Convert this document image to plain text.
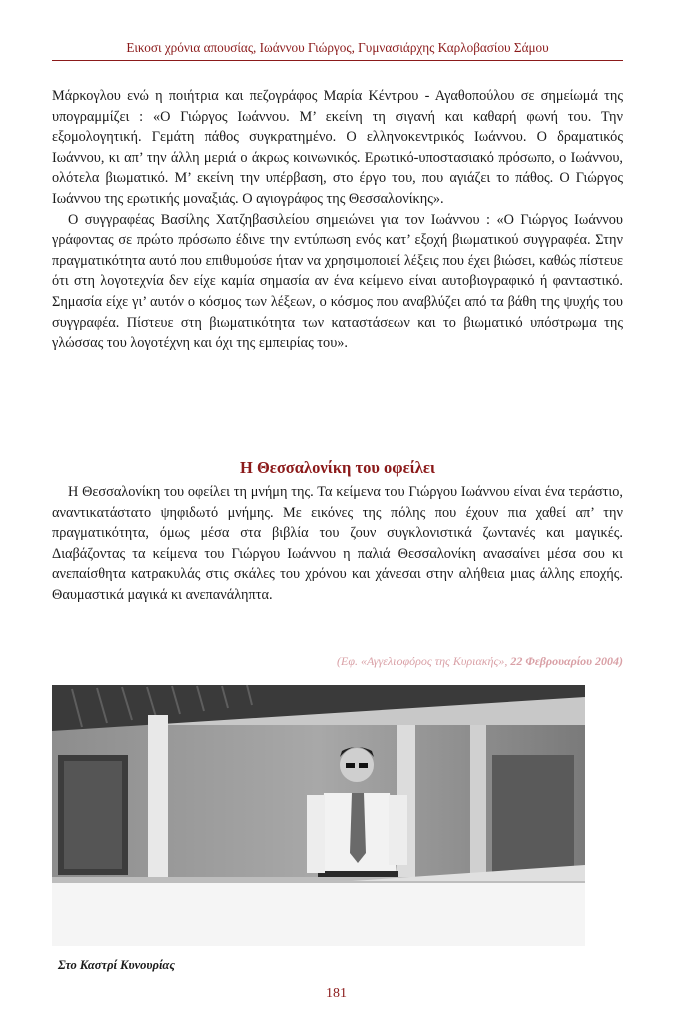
Εικοσι χρόνια απουσίας, Ιωάννου Γιώργος, Γυμνασιάρχης Καρλοβασίου Σάμου

Μάρκογλου ενώ η ποιήτρια και πεζογράφος Μαρία Κέντρου - Αγαθοπούλου σε σημείωμά της υπογραμμίζει : «Ο Γιώργος Ιωάννου. Μ’ εκείνη τη σιγανή και καθαρή φωνή του. Την εξομολογητική. Γεμάτη πάθος συγκρατημένο. Ο ελληνοκεντρικός Ιωάννου. Ο δραματικός Ιωάννου, κι απ’ την άλλη μεριά ο άκρως κοινωνικός. Ερωτικό-υποστασιακό πρόσωπο, ο Ιωάννου, ολότελα βιωματικό. Μ’ εκείνη την υπέρβαση, στο έργο του, που αγιάζει το πάθος. Ο Γιώργος Ιωάννου της ερωτικής μοναξιάς. Ο αγιογράφος της Θεσσαλονίκης».

Ο συγγραφέας Βασίλης Χατζηβασιλείου σημειώνει για τον Ιωάννου : «Ο Γιώργος Ιωάννου γράφοντας σε πρώτο πρόσωπο έδινε την εντύπωση ενός κατ’ εξοχή βιωματικού συγγραφέα. Στην πραγματικότητα αυτό που επιθυμούσε ήταν να χρησιμοποιεί λέξεις που έχει βιώσει, καθώς πίστευε ότι στη λογοτεχνία δεν είχε καμία σημασία αν ένα κείμενο είναι αυτοβιογραφικό ή φανταστικό. Σημασία είχε γι’ αυτόν ο κόσμος των λέξεων, ο κόσμος που αναβλύζει από τα βάθη της ψυχής του συγγραφέα. Πίστευε στη βιωματικότητα των καταστάσεων και το βιωματικό υπόστρωμα της γλώσσας του λογοτέχνη και όχι της εμπειρίας του».

Η Θεσσαλονίκη του οφείλει
Η Θεσσαλονίκη του οφείλει τη μνήμη της. Τα κείμενα του Γιώργου Ιωάννου είναι ένα τεράστιο, αναντικατάστατο ψηφιδωτό μνήμης. Με εικόνες της πόλης που έχουν πια χαθεί απ’ την πραγματικότητα, όμως μέσα στα βιβλία του ζουν συγκλονιστικά ζωντανές και μαγικές. Διαβάζοντας τα κείμενα του Γιώργου Ιωάννου η παλιά Θεσσαλονίκη ανασαίνει μέσα σου κι ανεπαίσθητα κατρακυλάς στις σκάλες του χρόνου και χάνεσαι στην αλήθεια μιας άλλης εποχής. Θαυμαστικά μαγικά κι ανεπανάληπτα.
(Εφ. «Αγγελιοφόρος της Κυριακής», 22 Φεβρουαρίου 2004)
Στο Καστρί Κυνουρίας
181
